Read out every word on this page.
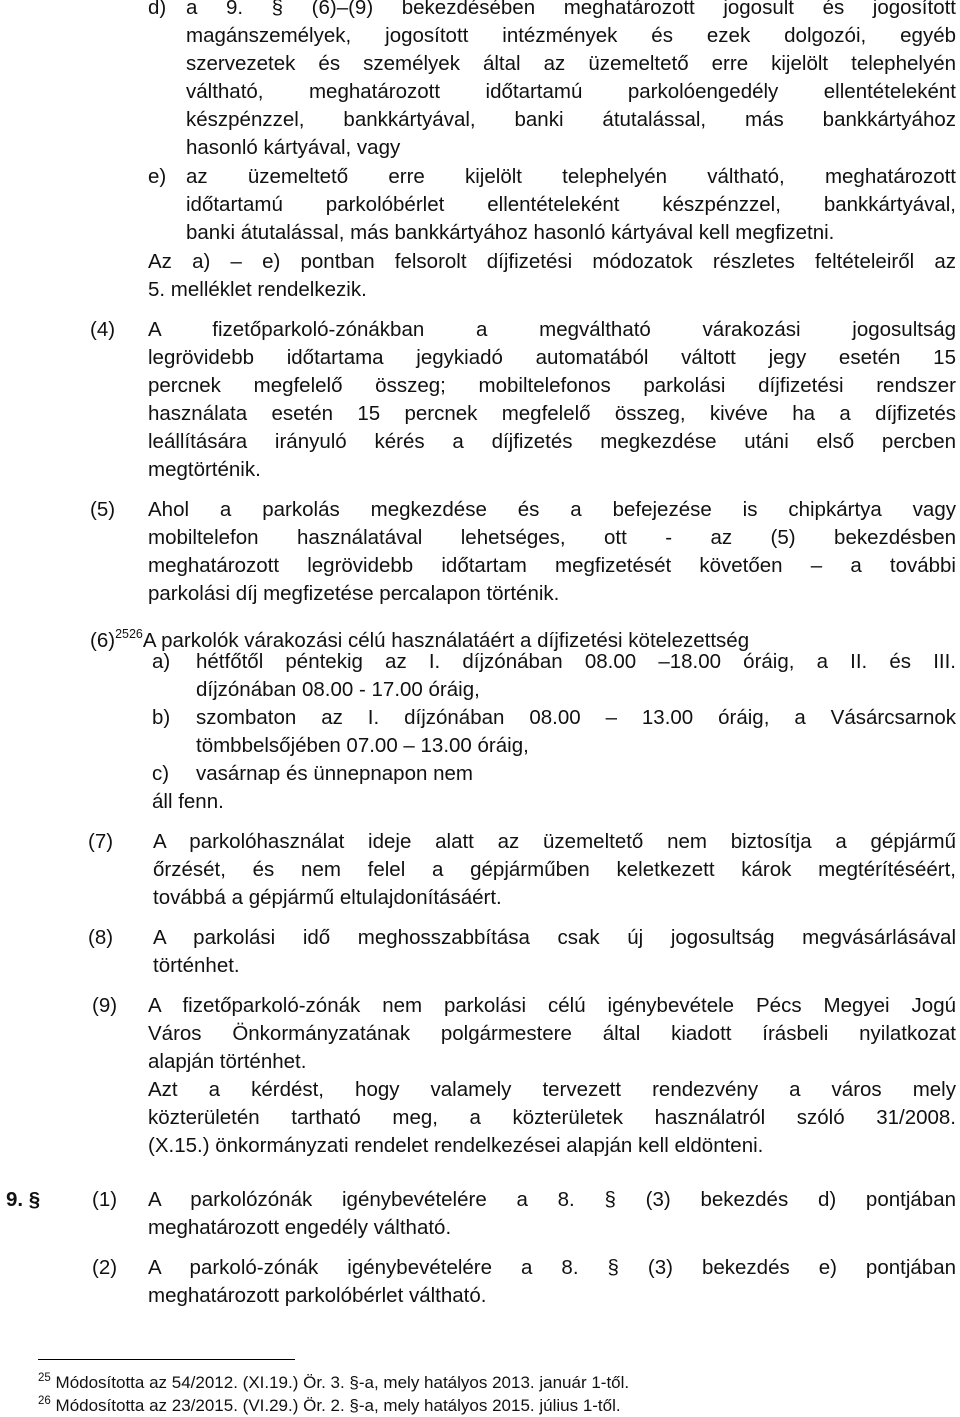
d) a 9. § (6)–(9) bekezdésében meghatározott jogosult és jogosított
magánszemélyek, jogosított intézmények és ezek dolgozói, egyéb
szervezetek és személyek által az üzemeltető erre kijelölt telephelyén
váltható, meghatározott időtartamú parkolóengedély ellentételeként
készpénzzel, bankkártyával, banki átutalással, más bankkártyához
hasonló kártyával, vagy
e) az üzemeltető erre kijelölt telephelyén váltható, meghatározott
időtartamú parkolóbérlet ellentételeként készpénzzel, bankkártyával,
banki átutalással, más bankkártyához hasonló kártyával kell megfizetni.
Az a) – e) pontban felsorolt díjfizetési módozatok részletes feltételeiről az
5. melléklet rendelkezik.
(4) A fizetőparkoló-zónákban a megváltható várakozási jogosultság
legrövidebb időtartama jegykiadó automatából váltott jegy esetén 15
percnek megfelelő összeg; mobiltelefonos parkolási díjfizetési rendszer
használata esetén 15 percnek megfelelő összeg, kivéve ha a díjfizetés
leállítására irányuló kérés a díjfizetés megkezdése utáni első percben
megtörténik.
(5) Ahol a parkolás megkezdése és a befejezése is chipkártya vagy
mobiltelefon használatával lehetséges, ott - az (5) bekezdésben
meghatározott legrövidebb időtartam megfizetését követően – a további
parkolási díj megfizetése percalapon történik.
$(6)^{2526}A$ parkolók várakozási célú használatáért a díjfizetési kötelezettség
a) hétfőtől péntekig az I. díjzónában 08.00 –18.00 óráig, a II. és III.
díjzónában 08.00 - 17.00 óráig,
b) szombaton az I. díjzónában 08.00 – 13.00 óráig, a Vásárcsarnok
tömbbelsőjében 07.00 – 13.00 óráig,
c) vasárnap és ünnepnapon nem
áll fenn.
(7) A parkolóhasználat ideje alatt az üzemeltető nem biztosítja a gépjármű
őrzését, és nem felel a gépjárműben keletkezett károk megtérítéséért,
továbbá a gépjármű eltulajdonításáért.
(8) A parkolási idő meghosszabbítása csak új jogosultság megvásárlásával
történhet.
(9) A fizetőparkoló-zónák nem parkolási célú igénybevétele Pécs Megyei Jogú
Város Önkormányzatának polgármestere által kiadott írásbeli nyilatkozat
alapján történhet.
Azt a kérdést, hogy valamely tervezett rendezvény a város mely
közterületén tartható meg, a közterületek használatról szóló 31/2008.
(X.15.) önkormányzati rendelet rendelkezései alapján kell eldönteni.
9. §	(1) A parkolózónák igénybevételére a 8. § (3) bekezdés d) pontjában
meghatározott engedély váltható.
(2) A parkoló-zónák igénybevételére a 8. § (3) bekezdés e) pontjában
meghatározott parkolóbérlet váltható.
$^{25}$ Módosította az 54/2012. (XI.19.) Ör. 3. §-a, mely hatályos 2013. január 1-től.
$^{26}$ Módosította az 23/2015. (VI.29.) Ör. 2. §-a, mely hatályos 2015. július 1-től.
